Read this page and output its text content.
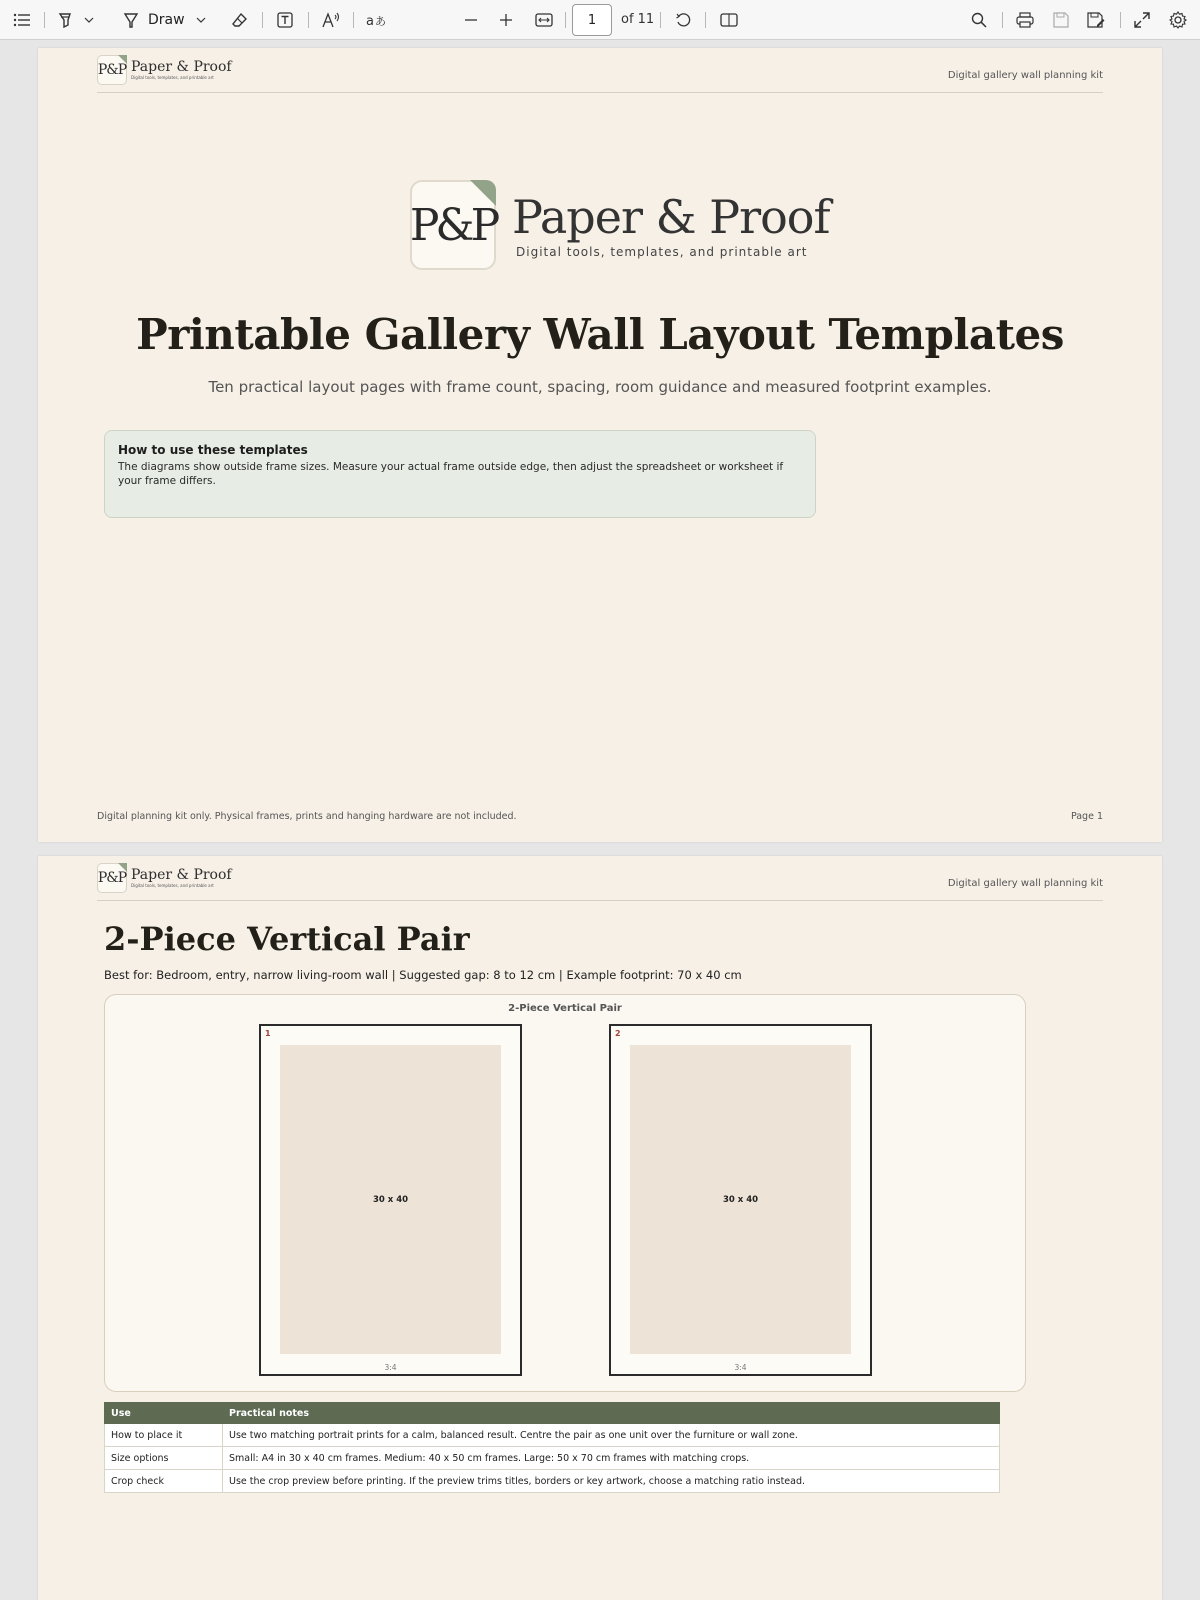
Draw	a あ
1	of 11
P&P Paper & Proof
Digital tools, templates, and printable art	Digital gallery wall planning kit
P&P Paper & Proof
Digital tools, templates, and printable art
Printable Gallery Wall Layout Templates
Ten practical layout pages with frame count, spacing, room guidance and measured footprint examples.
How to use these templates
The diagrams show outside frame sizes. Measure your actual frame outside edge, then adjust the spreadsheet or worksheet if your frame differs.
Digital planning kit only. Physical frames, prints and hanging hardware are not included.	Page 1
P&P Paper & Proof
Digital tools, templates, and printable art	Digital gallery wall planning kit
2-Piece Vertical Pair
Best for: Bedroom, entry, narrow living-room wall | Suggested gap: 8 to 12 cm | Example footprint: 70 x 40 cm
2-Piece Vertical Pair
1
30 x 40
3:4
2
30 x 40
3:4
Use	Practical notes
How to place it	Use two matching portrait prints for a calm, balanced result. Centre the pair as one unit over the furniture or wall zone.
Size options	Small: A4 in 30 x 40 cm frames. Medium: 40 x 50 cm frames. Large: 50 x 70 cm frames with matching crops.
Crop check	Use the crop preview before printing. If the preview trims titles, borders or key artwork, choose a matching ratio instead.
